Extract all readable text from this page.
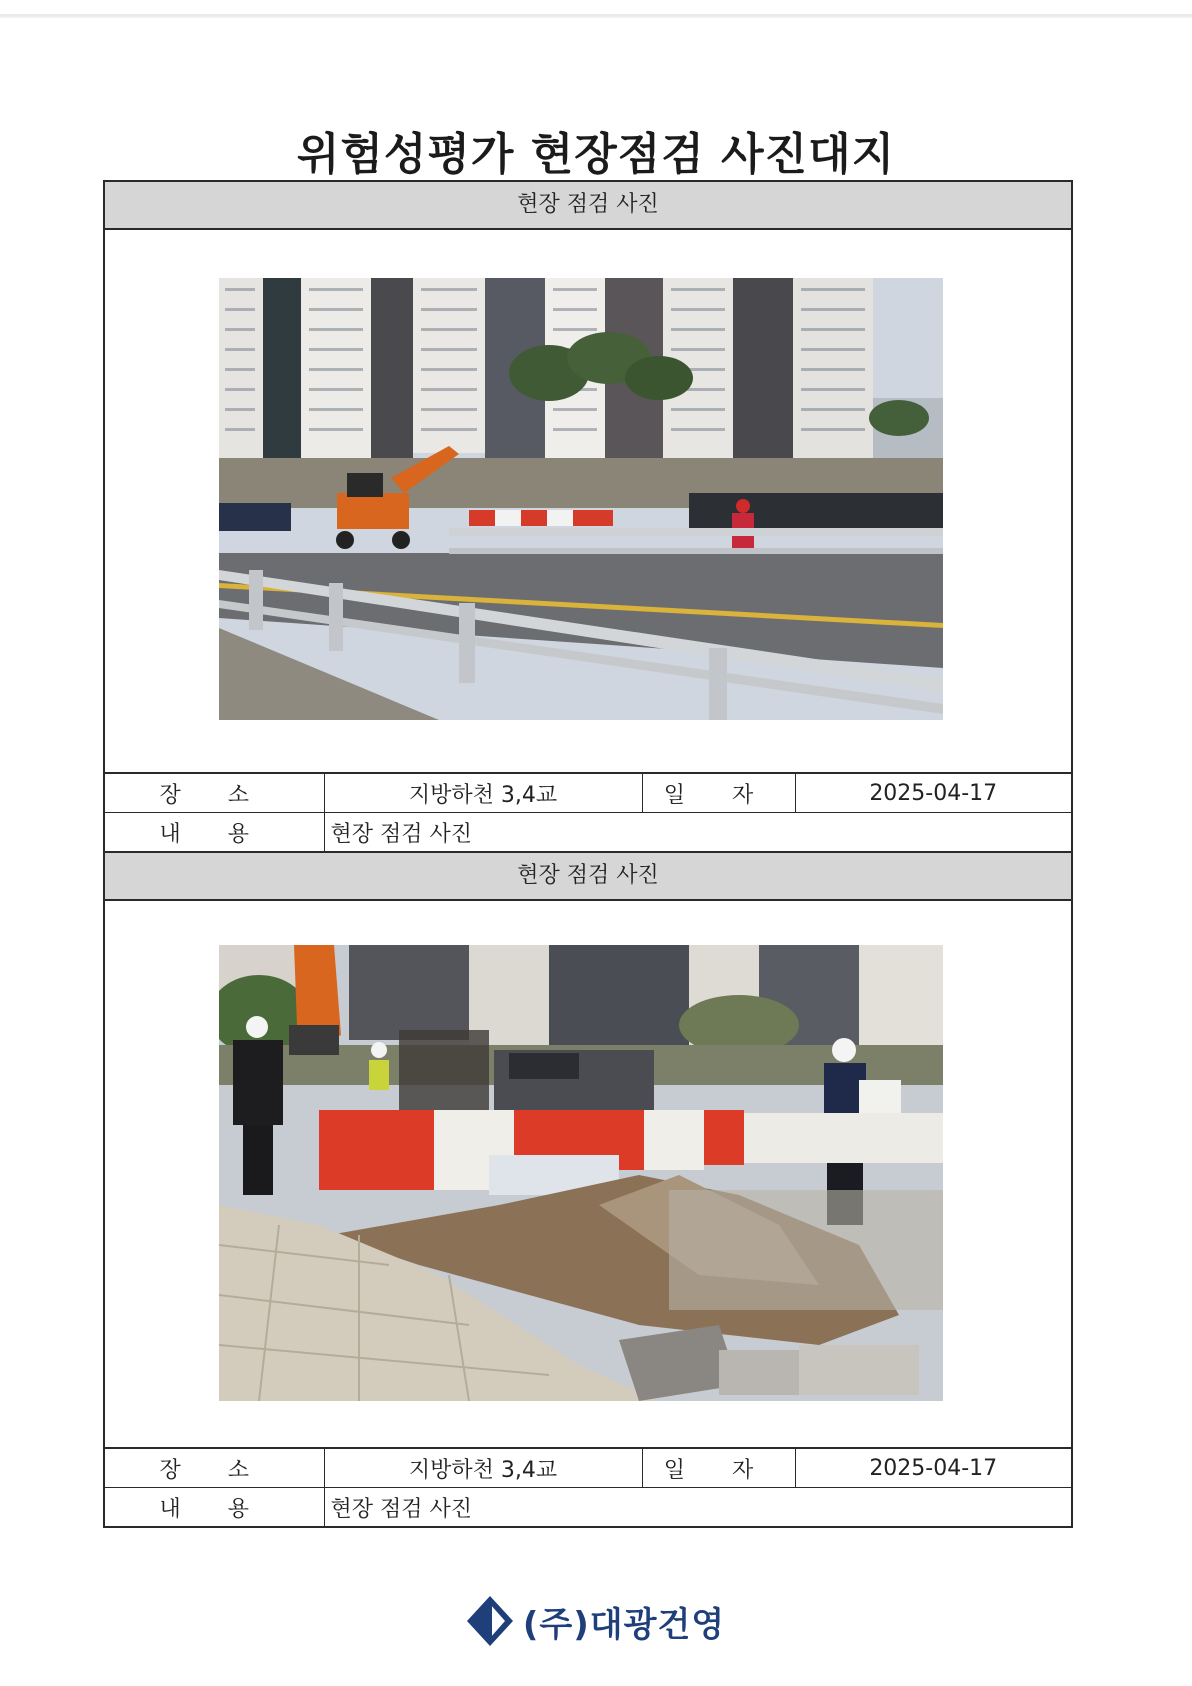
위험성평가 현장점검 사진대지
현장 점검 사진
장 소	지방하천 3,4교	일 자	2025-04-17
내 용	현장 점검 사진		
현장 점검 사진
장 소	지방하천 3,4교	일 자	2025-04-17
내 용	현장 점검 사진		
(주)대광건영
